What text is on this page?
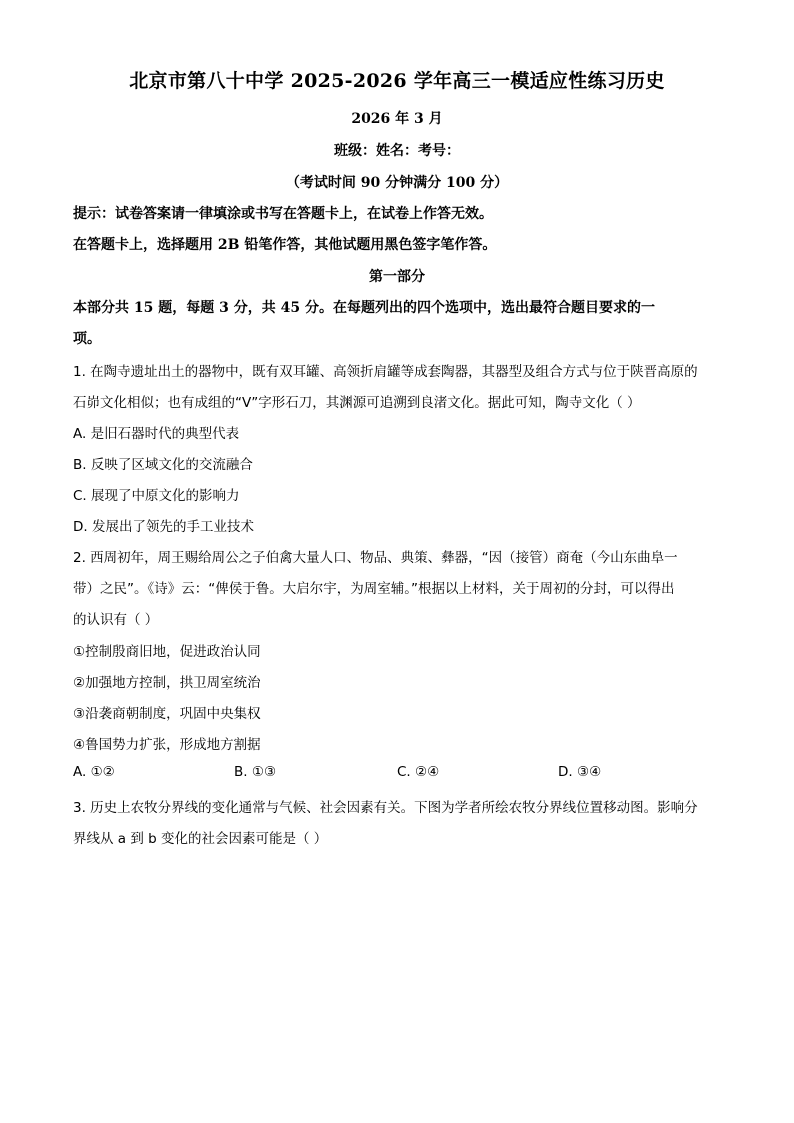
北京市第八十中学 2025-2026 学年高三一模适应性练习历史
2026 年 3 月
班级：姓名：考号：
（考试时间 90 分钟满分 100 分）
提示：试卷答案请一律填涂或书写在答题卡上，在试卷上作答无效。
在答题卡上，选择题用 2B 铅笔作答，其他试题用黑色签字笔作答。
第一部分
本部分共 15 题，每题 3 分，共 45 分。在每题列出的四个选项中，选出最符合题目要求的一
项。
1. 在陶寺遗址出土的器物中，既有双耳罐、高领折肩罐等成套陶器，其器型及组合方式与位于陕晋高原的
石峁文化相似；也有成组的“V”字形石刀，其渊源可追溯到良渚文化。据此可知，陶寺文化（ ）
A. 是旧石器时代的典型代表
B. 反映了区域文化的交流融合
C. 展现了中原文化的影响力
D. 发展出了领先的手工业技术
2. 西周初年，周王赐给周公之子伯禽大量人口、物品、典策、彝器，“因（接管）商奄（今山东曲阜一
带）之民”。《诗》云：“俾侯于鲁。大启尔宇，为周室辅。”根据以上材料，关于周初的分封，可以得出
的认识有（ ）
①控制殷商旧地，促进政治认同
②加强地方控制，拱卫周室统治
③沿袭商朝制度，巩固中央集权
④鲁国势力扩张，形成地方割据
A. ①②	B. ①③	C. ②④	D. ③④
3. 历史上农牧分界线的变化通常与气候、社会因素有关。下图为学者所绘农牧分界线位置移动图。影响分
界线从 a 到 b 变化的社会因素可能是（ ）
